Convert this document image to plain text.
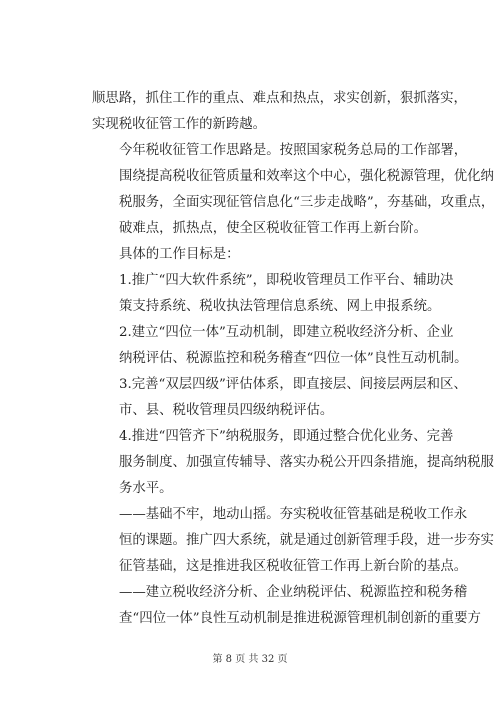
顺思路，抓住工作的重点、难点和热点，求实创新，狠抓落实，
实现税收征管工作的新跨越。
今年税收征管工作思路是。按照国家税务总局的工作部署，
围绕提高税收征管质量和效率这个中心，强化税源管理，优化纳
税服务，全面实现征管信息化“三步走战略”，夯基础，攻重点，
破难点，抓热点，使全区税收征管工作再上新台阶。
具体的工作目标是：
1.推广“四大软件系统”，即税收管理员工作平台、辅助决
策支持系统、税收执法管理信息系统、网上申报系统。
2.建立“四位一体”互动机制，即建立税收经济分析、企业
纳税评估、税源监控和税务稽查“四位一体”良性互动机制。
3.完善“双层四级”评估体系，即直接层、间接层两层和区、
市、县、税收管理员四级纳税评估。
4.推进“四管齐下”纳税服务，即通过整合优化业务、完善
服务制度、加强宣传辅导、落实办税公开四条措施，提高纳税服
务水平。
——基础不牢，地动山摇。夯实税收征管基础是税收工作永
恒的课题。推广四大系统，就是通过创新管理手段，进一步夯实
征管基础，这是推进我区税收征管工作再上新台阶的基点。
——建立税收经济分析、企业纳税评估、税源监控和税务稽
查“四位一体”良性互动机制是推进税源管理机制创新的重要方
第 8 页 共 32 页
